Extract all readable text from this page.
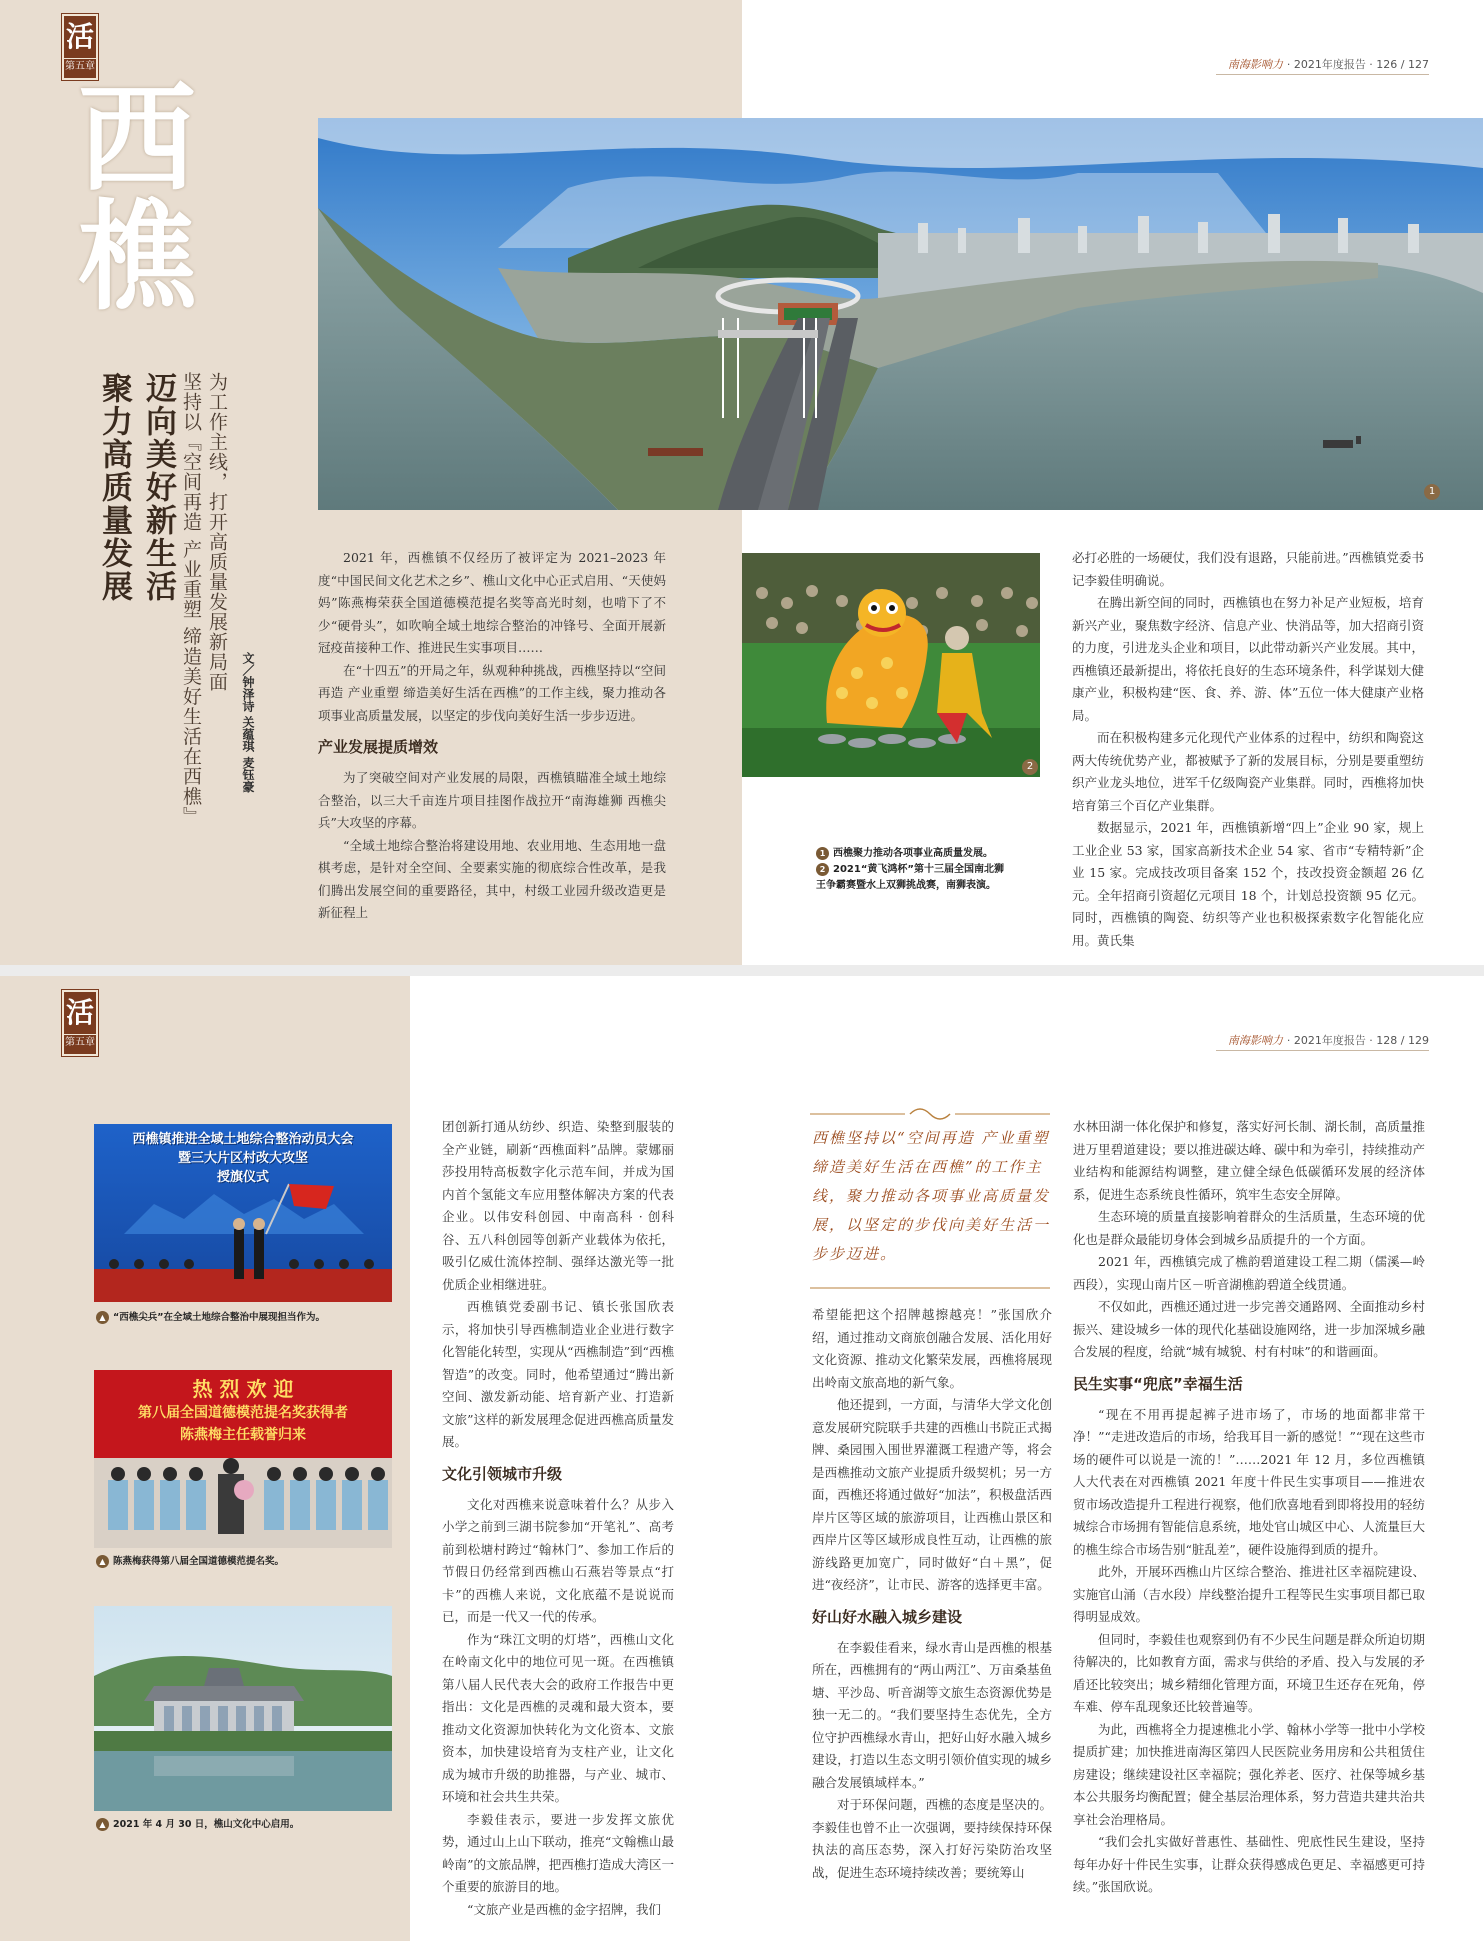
活
第五章
西樵
聚力高质量发展 迈向美好新生活 坚持以『空间再造 产业重塑 缔造美好生活在西樵』 为工作主线，打开高质量发展新局面
文／钟泽诗 关蕴琪 麦钰豪
南海影响力 · 2021年度报告 · 126 / 127
1

2021 年，西樵镇不仅经历了被评定为 2021–2023 年度“中国民间文化艺术之乡”、樵山文化中心正式启用、“天使妈妈”陈燕梅荣获全国道德模范提名奖等高光时刻，也啃下了不少“硬骨头”，如吹响全域土地综合整治的冲锋号、全面开展新冠疫苗接种工作、推进民生实事项目……

在“十四五”的开局之年，纵观种种挑战，西樵坚持以“空间再造 产业重塑 缔造美好生活在西樵”的工作主线，聚力推动各项事业高质量发展，以坚定的步伐向美好生活一步步迈进。

产业发展提质增效

为了突破空间对产业发展的局限，西樵镇瞄准全域土地综合整治，以三大千亩连片项目挂图作战拉开“南海雄狮 西樵尖兵”大攻坚的序幕。

“全域土地综合整治将建设用地、农业用地、生态用地一盘棋考虑，是针对全空间、全要素实施的彻底综合性改革，是我们腾出发展空间的重要路径，其中，村级工业园升级改造更是新征程上

2
1 西樵聚力推动各项事业高质量发展。
2 2021“黄飞鸿杯”第十三届全国南北狮王争霸赛暨水上双狮挑战赛，南狮表演。

必打必胜的一场硬仗，我们没有退路，只能前进。”西樵镇党委书记李毅佳明确说。

在腾出新空间的同时，西樵镇也在努力补足产业短板，培育新兴产业，聚焦数字经济、信息产业、快消品等，加大招商引资的力度，引进龙头企业和项目，以此带动新兴产业发展。其中，西樵镇还最新提出，将依托良好的生态环境条件，科学谋划大健康产业，积极构建“医、食、养、游、体”五位一体大健康产业格局。

而在积极构建多元化现代产业体系的过程中，纺织和陶瓷这两大传统优势产业，都被赋予了新的发展目标，分别是要重塑纺织产业龙头地位，进军千亿级陶瓷产业集群。同时，西樵将加快培育第三个百亿产业集群。

数据显示，2021 年，西樵镇新增“四上”企业 90 家，规上工业企业 53 家，国家高新技术企业 54 家、省市“专精特新”企业 15 家。完成技改项目备案 152 个，技改投资金额超 26 亿元。全年招商引资超亿元项目 18 个，计划总投资额 95 亿元。同时，西樵镇的陶瓷、纺织等产业也积极探索数字化智能化应用。黄氏集

活
第五章	南海影响力 · 2021年度报告 · 128 / 129
西樵镇推进全域土地综合整治动员大会
暨三大片区村改大攻坚
授旗仪式
▲ “西樵尖兵”在全域土地综合整治中展现担当作为。
热 烈 欢 迎
第八届全国道德模范提名奖获得者
陈燕梅主任载誉归来
▲ 陈燕梅获得第八届全国道德模范提名奖。
▲ 2021 年 4 月 30 日，樵山文化中心启用。

团创新打通从纺纱、织造、染整到服装的全产业链，刷新“西樵面料”品牌。蒙娜丽莎投用特高板数字化示范车间，并成为国内首个氢能文车应用整体解决方案的代表企业。以伟安科创园、中南高科 · 创科谷、五八科创园等创新产业载体为依托，吸引亿威仕流体控制、强绎达激光等一批优质企业相继进驻。

西樵镇党委副书记、镇长张国欣表示，将加快引导西樵制造业企业进行数字化智能化转型，实现从“西樵制造”到“西樵智造”的改变。同时，他希望通过“腾出新空间、激发新动能、培育新产业、打造新文旅”这样的新发展理念促进西樵高质量发展。

文化引领城市升级

文化对西樵来说意味着什么？从步入小学之前到三湖书院参加“开笔礼”、高考前到松塘村跨过“翰林门”、参加工作后的节假日仍经常到西樵山石燕岩等景点“打卡”的西樵人来说，文化底蕴不是说说而已，而是一代又一代的传承。

作为“珠江文明的灯塔”，西樵山文化在岭南文化中的地位可见一斑。在西樵镇第八届人民代表大会的政府工作报告中更指出：文化是西樵的灵魂和最大资本，要推动文化资源加快转化为文化资本、文旅资本，加快建设培育为支柱产业，让文化成为城市升级的助推器，与产业、城市、环境和社会共生共荣。

李毅佳表示，要进一步发挥文旅优势，通过山上山下联动，推亮“文翰樵山最岭南”的文旅品牌，把西樵打造成大湾区一个重要的旅游目的地。

“文旅产业是西樵的金字招牌，我们

西樵坚持以“空间再造 产业重塑缔造美好生活在西樵”的工作主线，聚力推动各项事业高质量发展，以坚定的步伐向美好生活一步步迈进。

希望能把这个招牌越擦越亮！”张国欣介绍，通过推动文商旅创融合发展、活化用好文化资源、推动文化繁荣发展，西樵将展现出岭南文旅高地的新气象。

他还提到，一方面，与清华大学文化创意发展研究院联手共建的西樵山书院正式揭牌、桑园围入围世界灌溉工程遗产等，将会是西樵推动文旅产业提质升级契机；另一方面，西樵还将通过做好“加法”，积极盘活西岸片区等区域的旅游项目，让西樵山景区和西岸片区等区域形成良性互动，让西樵的旅游线路更加宽广，同时做好“白＋黑”，促进“夜经济”，让市民、游客的选择更丰富。

好山好水融入城乡建设

在李毅佳看来，绿水青山是西樵的根基所在，西樵拥有的“两山两江”、万亩桑基鱼塘、平沙岛、听音湖等文旅生态资源优势是独一无二的。“我们要坚持生态优先，全方位守护西樵绿水青山，把好山好水融入城乡建设，打造以生态文明引领价值实现的城乡融合发展镇域样本。”

对于环保问题，西樵的态度是坚决的。李毅佳也曾不止一次强调，要持续保持环保执法的高压态势，深入打好污染防治攻坚战，促进生态环境持续改善；要统筹山

水林田湖一体化保护和修复，落实好河长制、湖长制，高质量推进万里碧道建设；要以推进碳达峰、碳中和为牵引，持续推动产业结构和能源结构调整，建立健全绿色低碳循环发展的经济体系，促进生态系统良性循环，筑牢生态安全屏障。

生态环境的质量直接影响着群众的生活质量，生态环境的优化也是群众最能切身体会到城乡品质提升的一个方面。

2021 年，西樵镇完成了樵韵碧道建设工程二期（儒溪—岭西段），实现山南片区－听音湖樵韵碧道全线贯通。

不仅如此，西樵还通过进一步完善交通路网、全面推动乡村振兴、建设城乡一体的现代化基础设施网络，进一步加深城乡融合发展的程度，给就“城有城貌、村有村味”的和谐画面。

民生实事“兜底”幸福生活

“现在不用再提起裤子进市场了，市场的地面都非常干净！”“走进改造后的市场，给我耳目一新的感觉！”“现在这些市场的硬件可以说是一流的！”……2021 年 12 月，多位西樵镇人大代表在对西樵镇 2021 年度十件民生实事项目——推进农贸市场改造提升工程进行视察，他们欣喜地看到即将投用的轻纺城综合市场拥有智能信息系统，地处官山城区中心、人流量巨大的樵生综合市场告别“脏乱差”，硬件设施得到质的提升。

此外，开展环西樵山片区综合整治、推进社区幸福院建设、实施官山涌（吉水段）岸线整治提升工程等民生实事项目都已取得明显成效。

但同时，李毅佳也观察到仍有不少民生问题是群众所迫切期待解决的，比如教育方面，需求与供给的矛盾、投入与发展的矛盾还比较突出；城乡精细化管理方面，环境卫生还存在死角，停车难、停车乱现象还比较普遍等。

为此，西樵将全力提速樵北小学、翰林小学等一批中小学校提质扩建；加快推进南海区第四人民医院业务用房和公共租赁住房建设；继续建设社区幸福院；强化养老、医疗、社保等城乡基本公共服务均衡配置；健全基层治理体系，努力营造共建共治共享社会治理格局。

“我们会扎实做好普惠性、基础性、兜底性民生建设，坚持每年办好十件民生实事，让群众获得感成色更足、幸福感更可持续。”张国欣说。
